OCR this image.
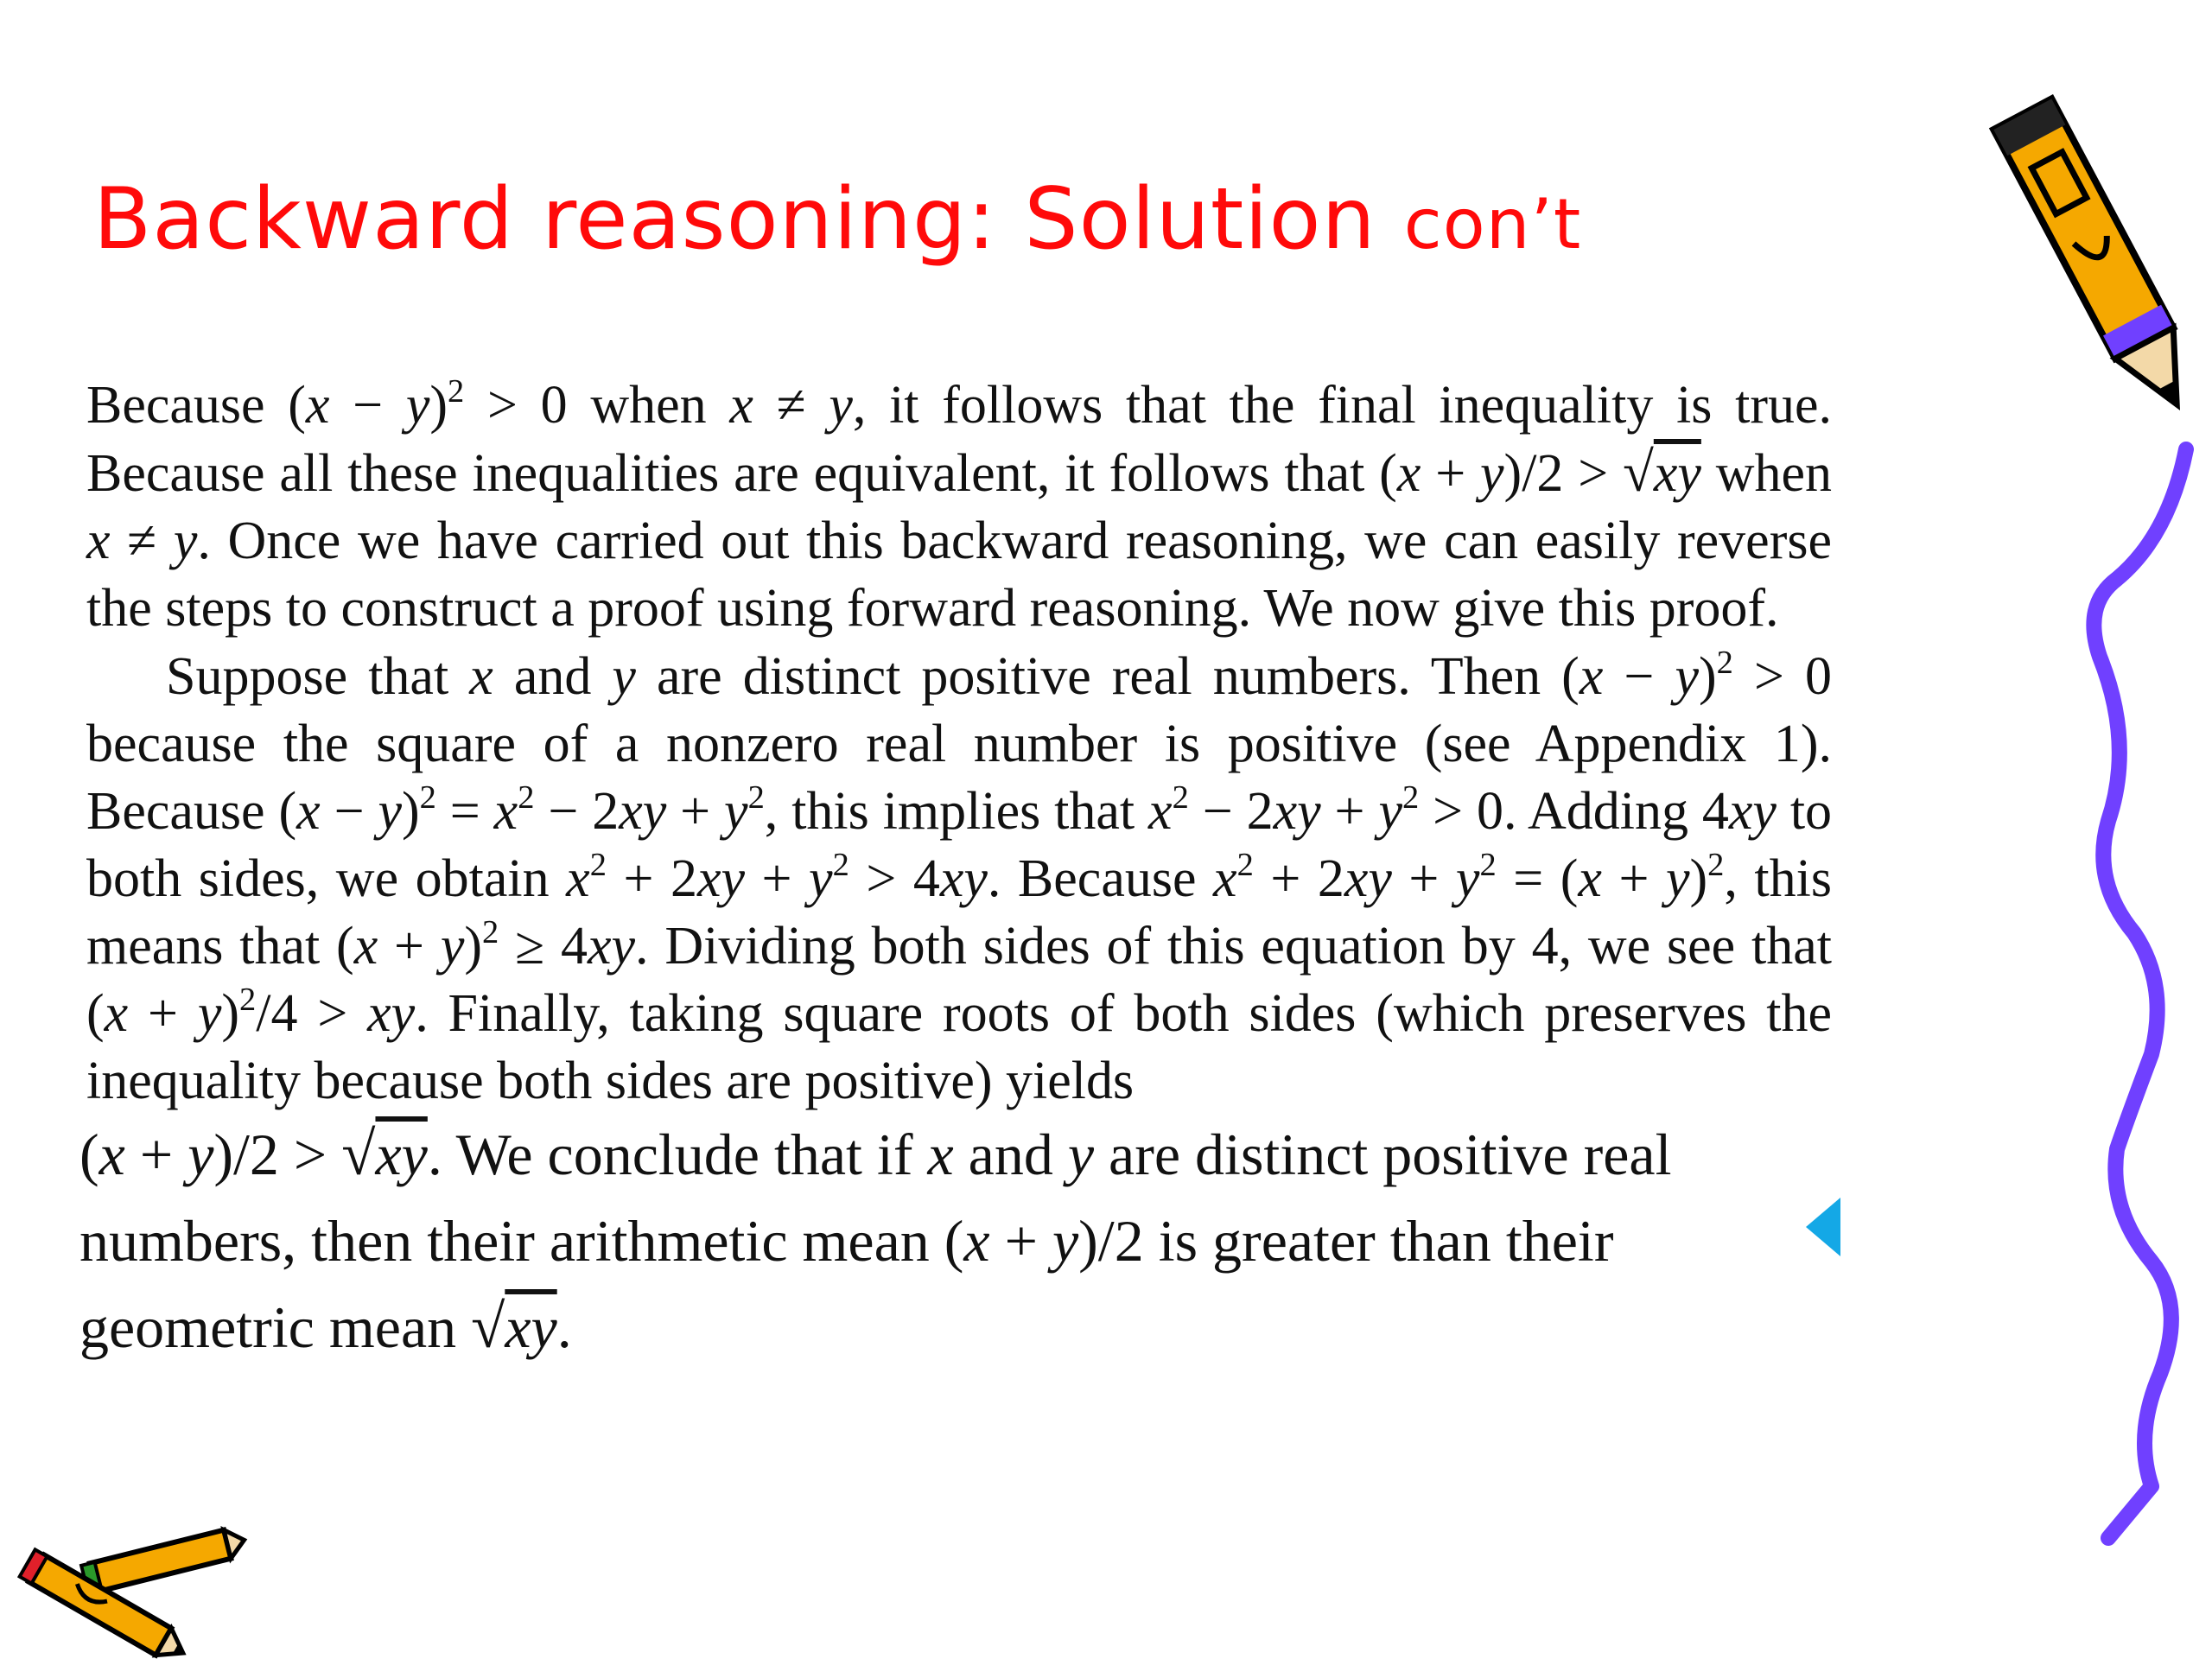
Backward reasoning: Solution con’t
Because $(x - y)^2 > 0$ when x ≠ y, it follows that the final inequality is true. Because all these inequalities are equivalent, it follows that (x + y)/2 > √xy when x ≠ y. Once we have carried out this backward reasoning, we can easily reverse the steps to construct a proof using forward reasoning. We now give this proof.
Suppose that x and y are distinct positive real numbers. Then $(x - y)^2 > 0$ because the square of a nonzero real number is positive (see Appendix 1). Because $(x - y)^2 = x^2 - 2xy + y^2$, this implies that $x^2 - 2xy + y^2 > 0$. Adding 4xy to both sides, we obtain $x^2 + 2xy + y^2 > 4xy$. Because $x^2 + 2xy + y^2 = (x + y)^2$, this means that $(x + y)^2 \ge 4xy$. Dividing both sides of this equation by 4, we see that $(x + y)^2/4$ > xy. Finally, taking square roots of both sides (which preserves the inequality because both sides are positive) yields
(x + y)/2 > √xy. We conclude that if x and y are distinct positive real numbers, then their arithmetic mean (x + y)/2 is greater than their geometric mean √xy.
